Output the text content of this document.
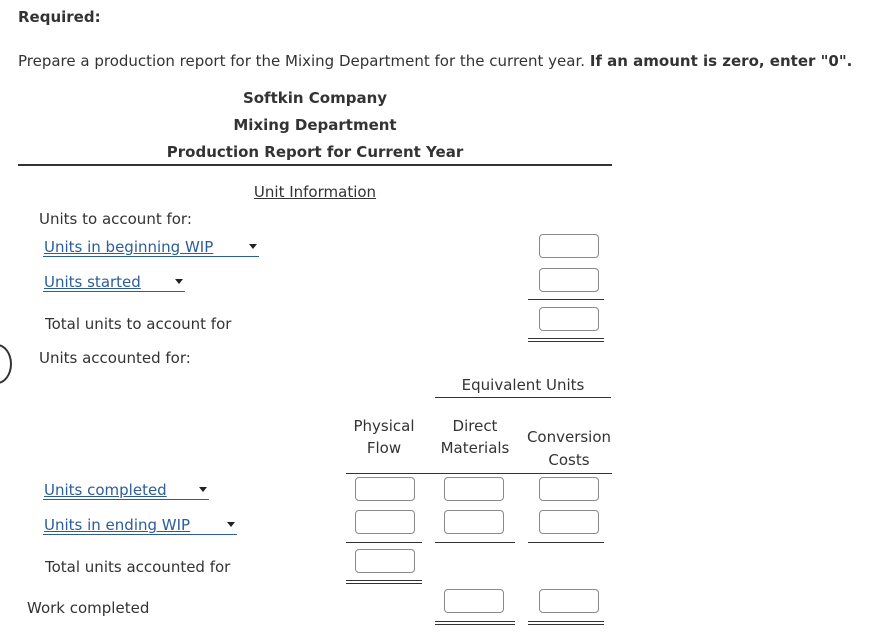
Required:
Prepare a production report for the Mixing Department for the current year. If an amount is zero, enter "0".
Softkin Company
Mixing Department
Production Report for Current Year
Unit Information
Units to account for:
Units in beginning WIP
Units started
Total units to account for
Units accounted for:
Equivalent Units
Physical
Flow
Direct
Materials
Conversion
Costs
Units completed
Units in ending WIP
Total units accounted for
Work completed
